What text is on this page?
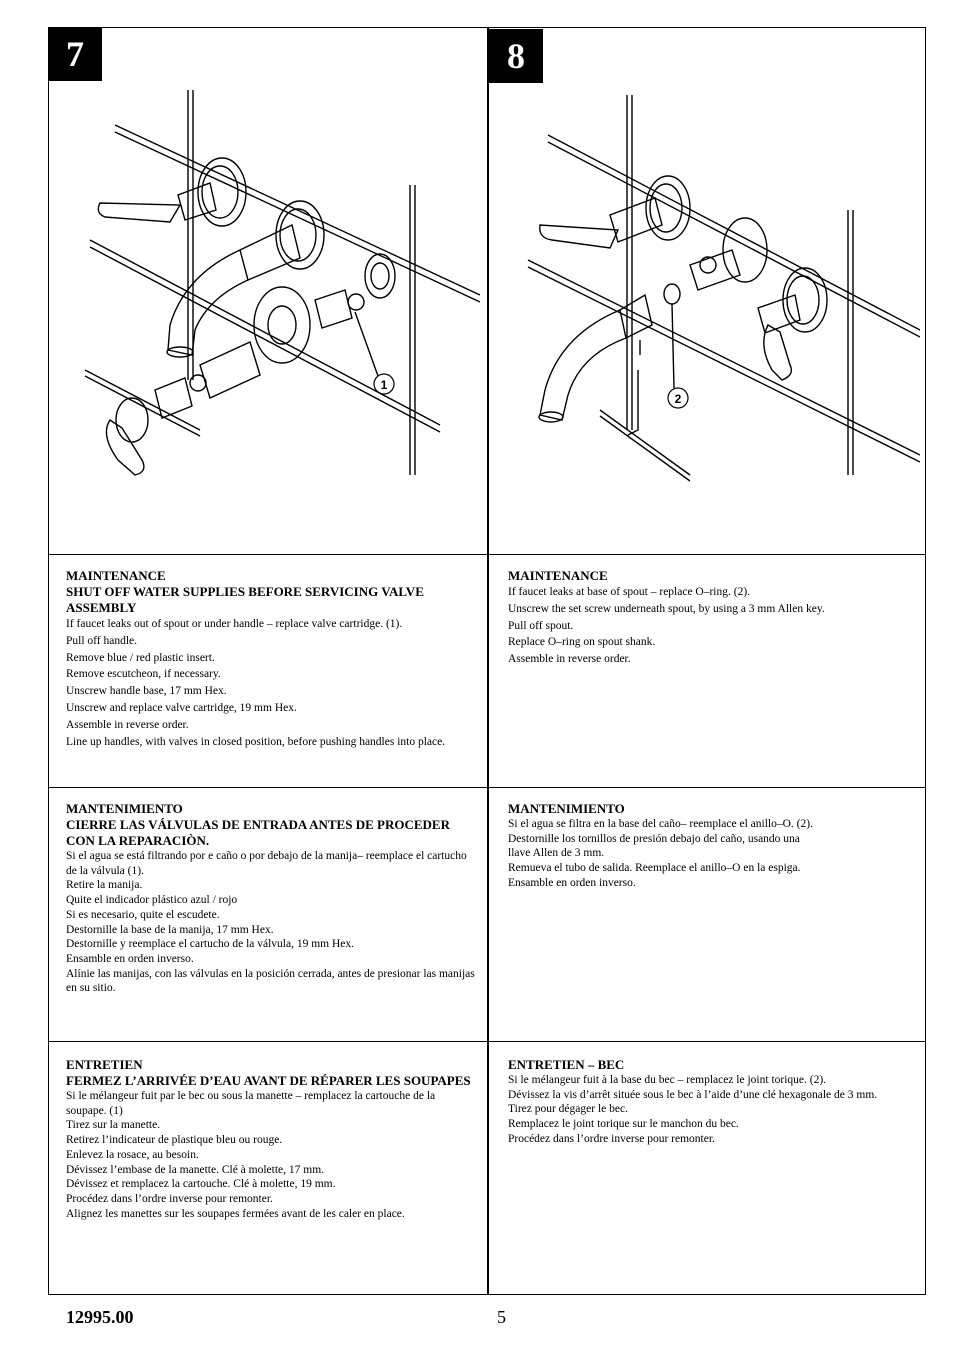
7
1
8
2
MAINTENANCE
SHUT OFF WATER SUPPLIES BEFORE SERVICING VALVE ASSEMBLY

If faucet leaks out of spout or under handle – replace valve cartridge. (1).

Pull off handle.

Remove blue / red plastic insert.

Remove escutcheon, if necessary.

Unscrew handle base, 17 mm Hex.

Unscrew and replace valve cartridge, 19 mm Hex.

Assemble in reverse order.

Line up handles, with valves in closed position, before pushing handles into place.

MAINTENANCE

If faucet leaks at base of spout – replace O–ring. (2).

Unscrew the set screw underneath spout, by using a 3 mm Allen key.

Pull off spout.

Replace O–ring on spout shank.

Assemble in reverse order.

MANTENIMIENTO
CIERRE LAS VÁLVULAS DE ENTRADA ANTES DE PROCEDER CON LA REPARACIÒN.

Si el agua se está filtrando por e caño o por debajo de la manija– reemplace el cartucho de la válvula (1).

Retire la manija.

Quite el indicador plástico azul / rojo

Si es necesario, quite el escudete.

Destornille la base de la manija, 17 mm Hex.

Destornille y reemplace el cartucho de la válvula, 19 mm Hex.

Ensamble en orden inverso.

Alínie las manijas, con las válvulas en la posición cerrada, antes de presionar las manijas en su sitio.

MANTENIMIENTO

Si el agua se filtra en la base del caño– reemplace el anillo–O. (2).

Destornille los tornillos de presión debajo del caño, usando una

llave Allen de 3 mm.

Remueva el tubo de salida. Reemplace el anillo–O en la espiga.

Ensamble en orden inverso.

ENTRETIEN
FERMEZ L’ARRIVÉE D’EAU AVANT DE RÉPARER LES SOUPAPES

Si le mélangeur fuit par le bec ou sous la manette – remplacez la cartouche de la soupape. (1)

Tirez sur la manette.

Retirez l’indicateur de plastique bleu ou rouge.

Enlevez la rosace, au besoin.

Dévissez l’embase de la manette. Clé à molette, 17 mm.

Dévissez et remplacez la cartouche. Clé à molette, 19 mm.

Procédez dans l’ordre inverse pour remonter.

Alignez les manettes sur les soupapes fermées avant de les caler en place.

ENTRETIEN – BEC

Si le mélangeur fuit à la base du bec – remplacez le joint torique. (2).

Dévissez la vis d’arrêt située sous le bec à l’aide d’une clé hexagonale de 3 mm.

Tirez pour dégager le bec.

Remplacez le joint torique sur le manchon du bec.

Procédez dans l’ordre inverse pour remonter.

12995.00	5
